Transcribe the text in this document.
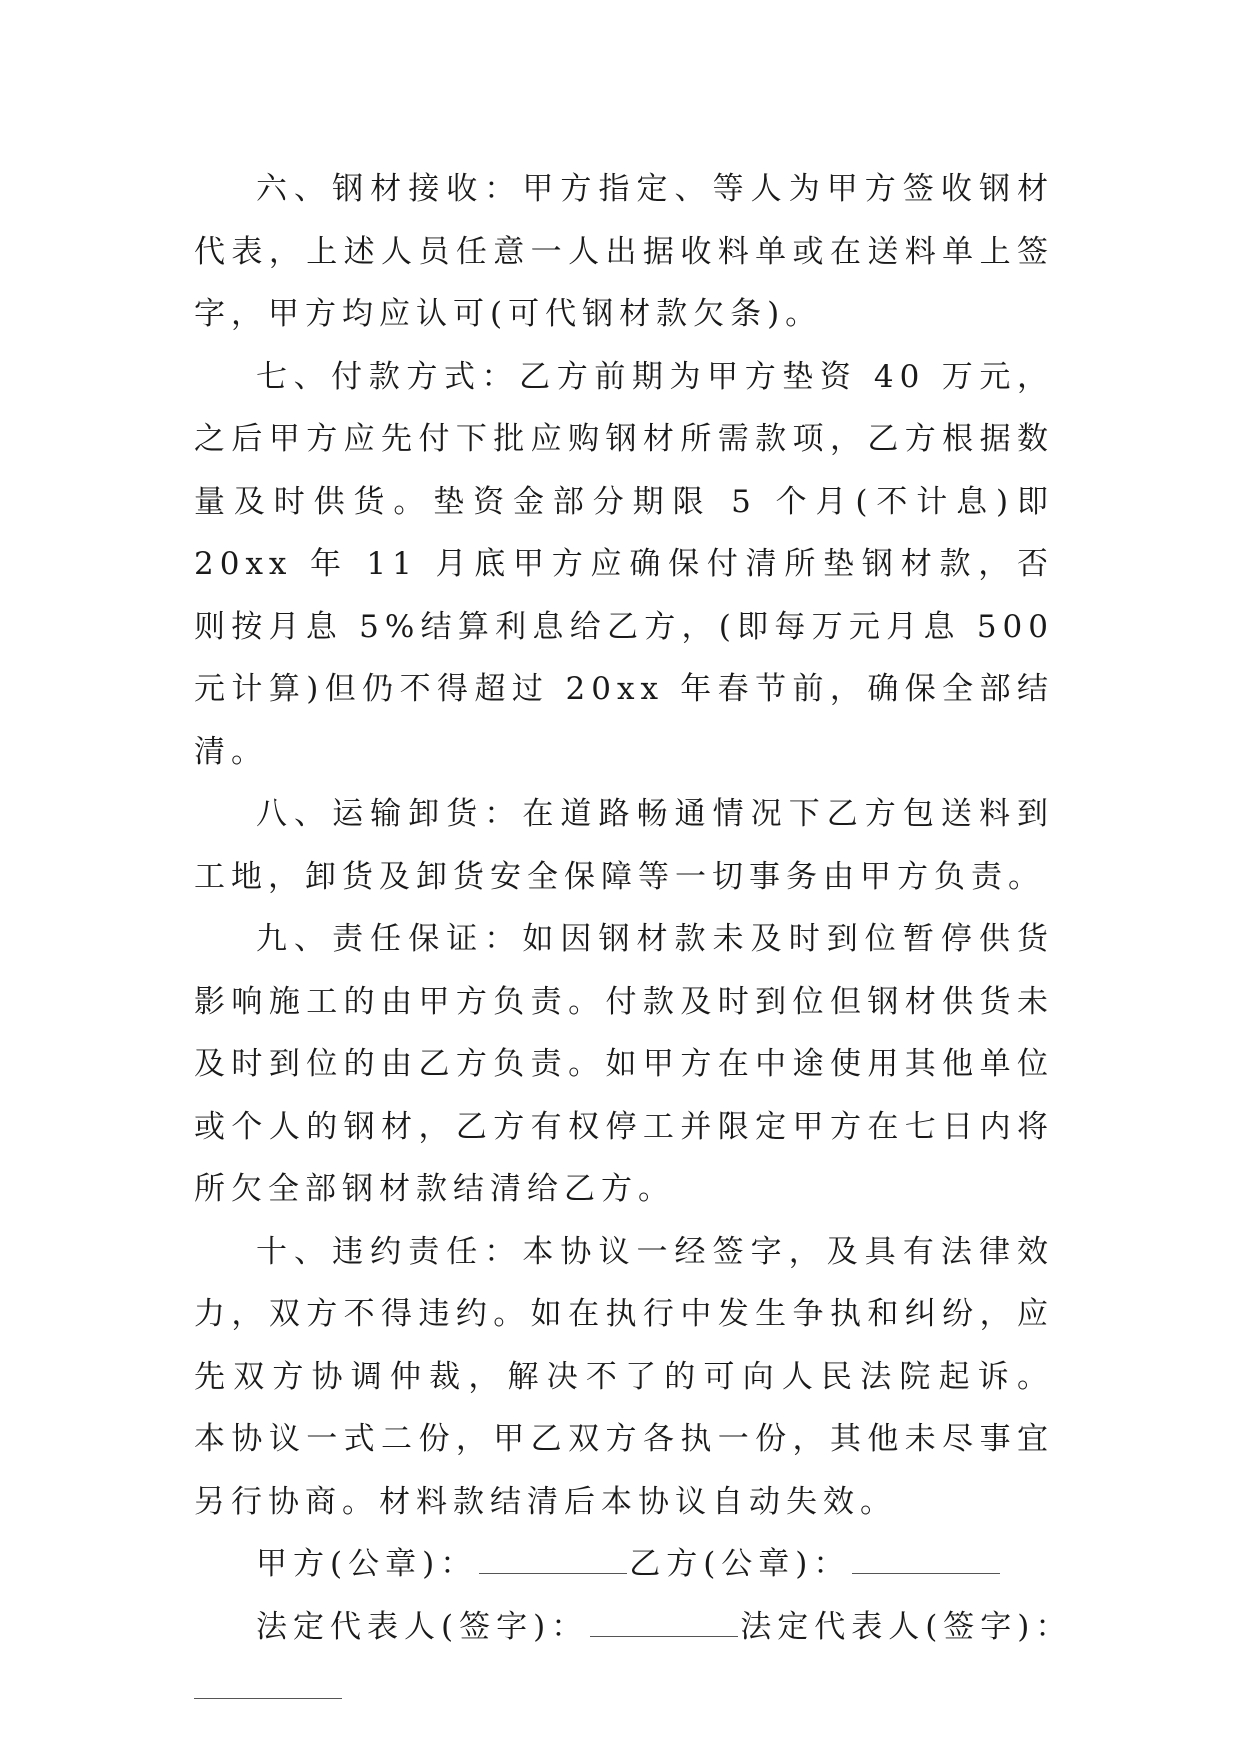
六、钢材接收：甲方指定、等人为甲方签收钢材代表，上述人员任意一人出据收料单或在送料单上签字，甲方均应认可(可代钢材款欠条)。

七、付款方式：乙方前期为甲方垫资 40 万元，之后甲方应先付下批应购钢材所需款项，乙方根据数量及时供货。垫资金部分期限 5 个月(不计息)即 20xx 年 11 月底甲方应确保付清所垫钢材款，否则按月息 5%结算利息给乙方，(即每万元月息 500 元计算)但仍不得超过 20xx 年春节前，确保全部结清。

八、运输卸货：在道路畅通情况下乙方包送料到工地，卸货及卸货安全保障等一切事务由甲方负责。

九、责任保证：如因钢材款未及时到位暂停供货影响施工的由甲方负责。付款及时到位但钢材供货未及时到位的由乙方负责。如甲方在中途使用其他单位或个人的钢材，乙方有权停工并限定甲方在七日内将所欠全部钢材款结清给乙方。

十、违约责任：本协议一经签字，及具有法律效力，双方不得违约。如在执行中发生争执和纠纷，应先双方协调仲裁，解决不了的可向人民法院起诉。 本协议一式二份，甲乙双方各执一份，其他未尽事宜另行协商。材料款结清后本协议自动失效。

甲方(公章)：	乙方(公章)：

法定代表人(签字)：	法定代表人(签字)：
